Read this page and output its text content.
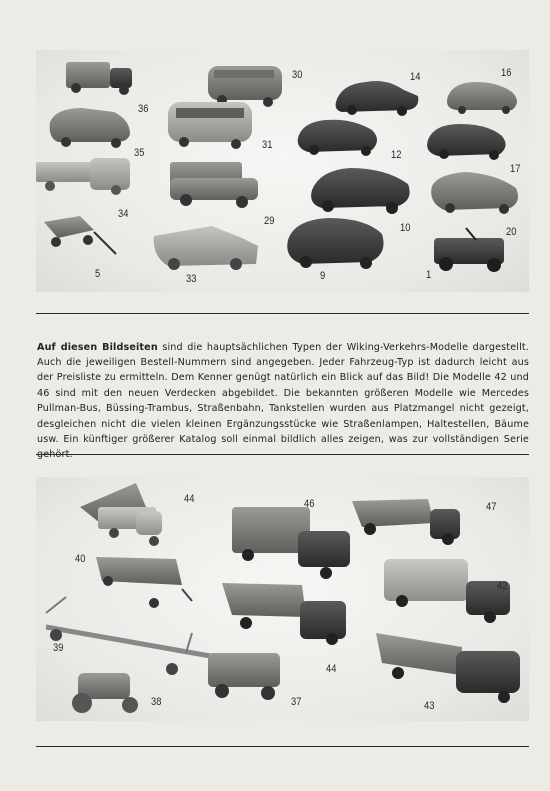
30	14	16
36
35
31
12
17
34
29
10	20
5	33	9	1

Auf diesen Bildseiten sind die hauptsächlichen Typen der Wiking-Verkehrs-Modelle dargestellt. Auch die jeweiligen Bestell-Nummern sind angegeben. Jeder Fahrzeug-Typ ist dadurch leicht aus der Preisliste zu ermitteln. Dem Kenner genügt natürlich ein Blick auf das Bild! Die Modelle 42 und 46 sind mit den neuen Verdecken abgebildet. Die bekannten größeren Modelle wie Mercedes Pullman-Bus, Büssing-Trambus, Straßenbahn, Tankstellen wurden aus Platzmangel nicht gezeigt, desgleichen nicht die vielen kleinen Ergänzungsstücke wie Straßenlampen, Haltestellen, Bäume usw. Ein künftiger größerer Katalog soll einmal bildlich alles zeigen, was zur vollständigen Serie gehört.

44	46	47
40
42
39
44
38	37	43
